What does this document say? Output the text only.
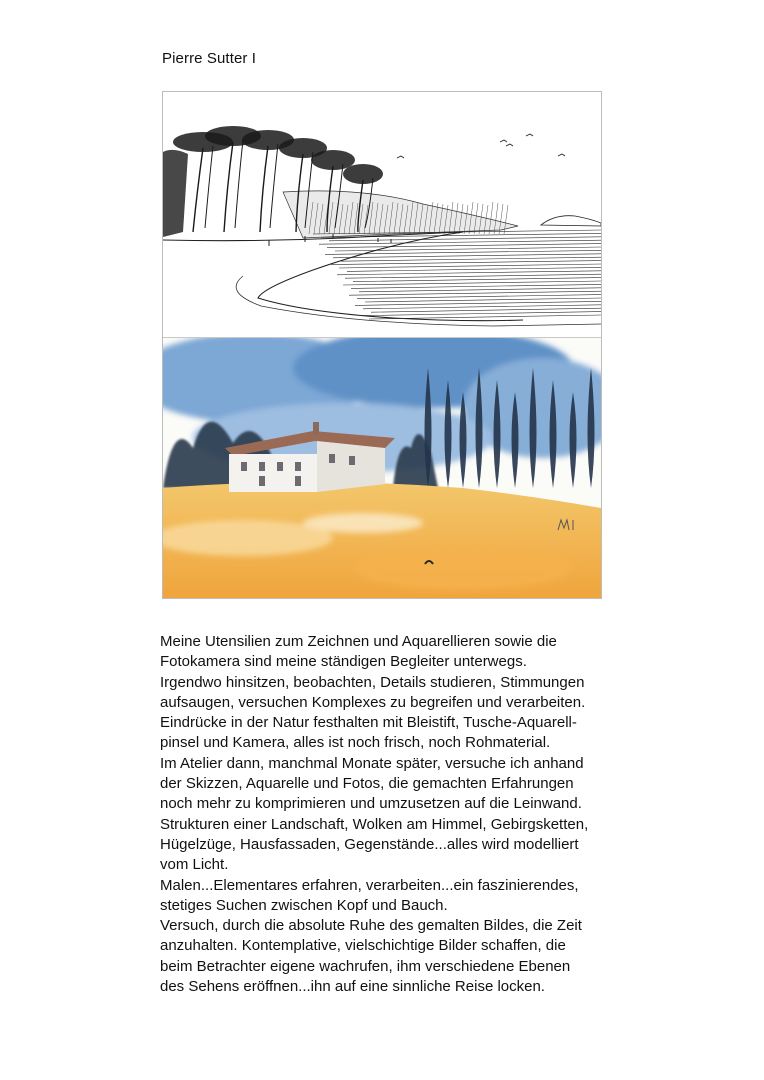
Pierre Sutter I

Meine Utensilien zum Zeichnen und Aquarellieren sowie die

Fotokamera sind meine ständigen Begleiter unterwegs.

Irgendwo hinsitzen, beobachten, Details studieren, Stimmungen

aufsaugen, versuchen Komplexes zu begreifen und verarbeiten.

Eindrücke in der Natur festhalten mit Bleistift, Tusche-Aquarell-

pinsel und Kamera, alles ist noch frisch, noch Rohmaterial.

Im Atelier dann, manchmal Monate später, versuche ich anhand

der Skizzen, Aquarelle und Fotos, die gemachten Erfahrungen

noch mehr zu komprimieren und umzusetzen auf die Leinwand.

Strukturen einer Landschaft, Wolken am Himmel, Gebirgsketten,

Hügelzüge, Hausfassaden, Gegenstände...alles wird modelliert

vom Licht.

Malen...Elementares erfahren, verarbeiten...ein faszinierendes,

stetiges Suchen zwischen Kopf und Bauch.

Versuch, durch die absolute Ruhe des gemalten Bildes, die Zeit

anzuhalten. Kontemplative, vielschichtige Bilder schaffen, die

beim Betrachter eigene wachrufen, ihm verschiedene Ebenen

des Sehens eröffnen...ihn auf eine sinnliche Reise locken.
